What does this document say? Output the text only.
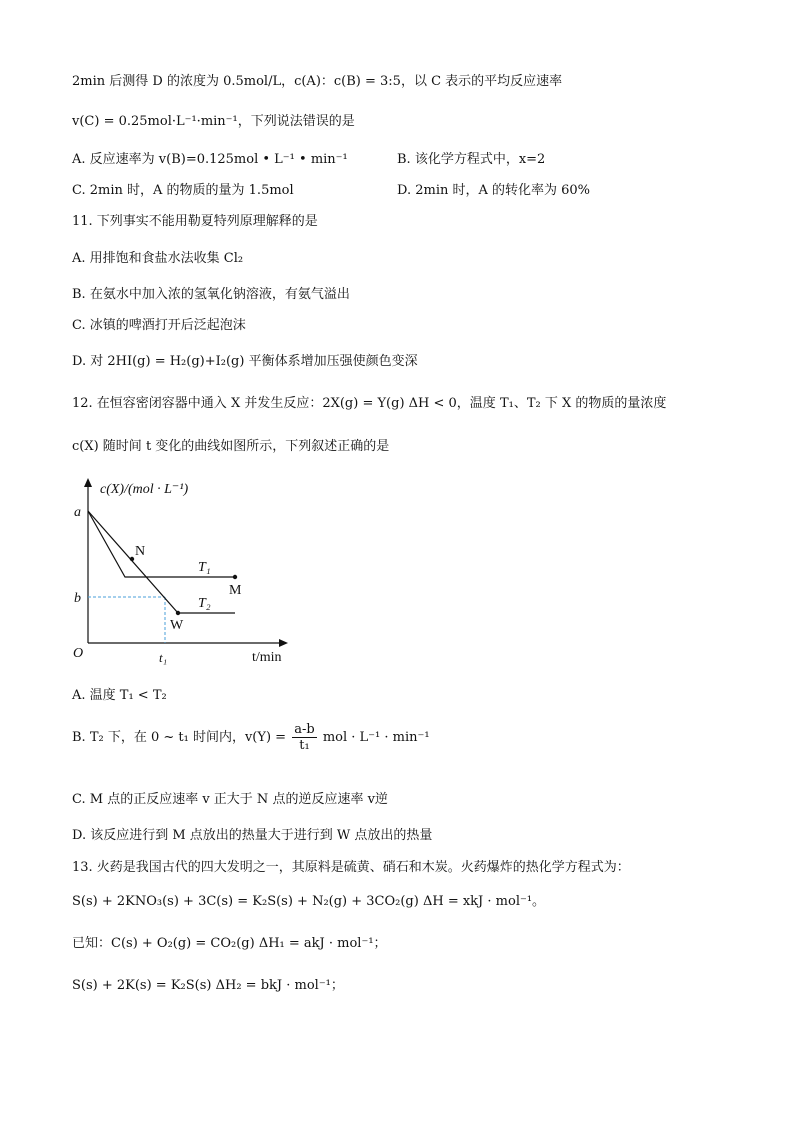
2min 后测得 D 的浓度为 0.5mol/L，c(A)：c(B) = 3:5，以 C 表示的平均反应速率
v(C) = 0.25mol·L⁻¹·min⁻¹，下列说法错误的是
A. 反应速率为 v(B)=0.125mol • L⁻¹ • min⁻¹	B. 该化学方程式中，x=2
C. 2min 时，A 的物质的量为 1.5mol	D. 2min 时，A 的转化率为 60%
11. 下列事实不能用勒夏特列原理解释的是
A. 用排饱和食盐水法收集 Cl₂
B. 在氨水中加入浓的氢氧化钠溶液，有氨气溢出
C. 冰镇的啤酒打开后泛起泡沫
D. 对 2HI(g) = H₂(g)+I₂(g) 平衡体系增加压强使颜色变深
12. 在恒容密闭容器中通入 X 并发生反应：2X(g) = Y(g) ΔH < 0，温度 T₁、T₂ 下 X 的物质的量浓度
c(X) 随时间 t 变化的曲线如图所示，下列叙述正确的是
c(X)/(mol · L⁻¹)
t/min
O
a
b
t₁
N
M
W
T₁
T₂
A. 温度 T₁ < T₂
B. T₂ 下，在 0 ~ t₁ 时间内，$v(Y) = \frac{a-b}{\text{t₁}}$ mol · L⁻¹ · min⁻¹
C. M 点的正反应速率 v 正大于 N 点的逆反应速率 v逆
D. 该反应进行到 M 点放出的热量大于进行到 W 点放出的热量
13. 火药是我国古代的四大发明之一，其原料是硫黄、硝石和木炭。火药爆炸的热化学方程式为：
S(s) + 2KNO₃(s) + 3C(s) = K₂S(s) + N₂(g) + 3CO₂(g) ΔH = xkJ · mol⁻¹。
已知：C(s) + O₂(g) = CO₂(g) ΔH₁ = akJ · mol⁻¹；
S(s) + 2K(s) = K₂S(s) ΔH₂ = bkJ · mol⁻¹；
